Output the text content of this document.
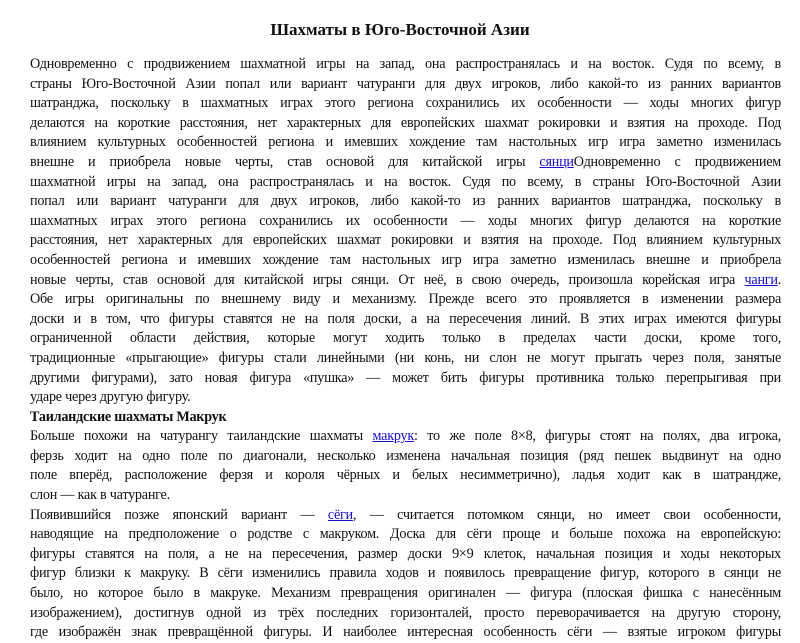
Шахматы в Юго-Восточной Азии
Одновременно с продвижением шахматной игры на запад, она распространялась и на восток. Судя по всему, в
страны Юго-Восточной Азии попал или вариант чатуранги для двух игроков, либо какой-то из ранних вариантов
шатранджа, поскольку в шахматных играх этого региона сохранились их особенности — ходы многих фигур
делаются на короткие расстояния, нет характерных для европейских шахмат рокировки и взятия на проходе. Под
влиянием культурных особенностей региона и имевших хождение там настольных игр игра заметно изменилась
внешне и приобрела новые черты, став основой для китайской игры сянциОдновременно с продвижением
шахматной игры на запад, она распространялась и на восток. Судя по всему, в страны Юго-Восточной Азии
попал или вариант чатуранги для двух игроков, либо какой-то из ранних вариантов шатранджа, поскольку в
шахматных играх этого региона сохранились их особенности — ходы многих фигур делаются на короткие
расстояния, нет характерных для европейских шахмат рокировки и взятия на проходе. Под влиянием культурных
особенностей региона и имевших хождение там настольных игр игра заметно изменилась внешне и приобрела
новые черты, став основой для китайской игры сянци. От неё, в свою очередь, произошла корейская игра чанги.
Обе игры оригинальны по внешнему виду и механизму. Прежде всего это проявляется в изменении размера
доски и в том, что фигуры ставятся не на поля доски, а на пересечения линий. В этих играх имеются фигуры
ограниченной области действия, которые могут ходить только в пределах части доски, кроме того,
традиционные «прыгающие» фигуры стали линейными (ни конь, ни слон не могут прыгать через поля, занятые
другими фигурами), зато новая фигура «пушка» — может бить фигуры противника только перепрыгивая при
ударе через другую фигуру.
Таиландские шахматы Макрук
Больше похожи на чатурангу таиландские шахматы макрук: то же поле 8×8, фигуры стоят на полях, два игрока,
ферзь ходит на одно поле по диагонали, несколько изменена начальная позиция (ряд пешек выдвинут на одно
поле вперёд, расположение ферзя и короля чёрных и белых несимметрично), ладья ходит как в шатрандже,
слон — как в чатуранге.
Появившийся позже японский вариант — сёги, — считается потомком сянци, но имеет свои особенности,
наводящие на предположение о родстве с макруком. Доска для сёги проще и больше похожа на европейскую:
фигуры ставятся на поля, а не на пересечения, размер доски 9×9 клеток, начальная позиция и ходы некоторых
фигур близки к макруку. В сёги изменились правила ходов и появилось превращение фигур, которого в сянци не
было, но которое было в макруке. Механизм превращения оригинален — фигура (плоская фишка с нанесённым
изображением), достигнув одной из трёх последних горизонталей, просто переворачивается на другую сторону,
где изображён знак превращённой фигуры. И наиболее интересная особенность сёги — взятые игроком фигуры
